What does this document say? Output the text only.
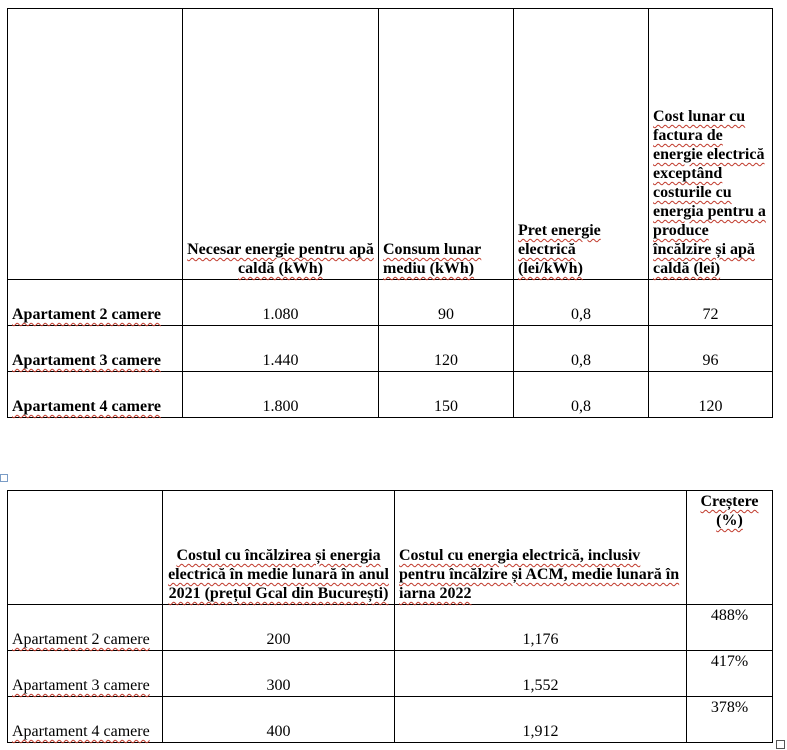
	Necesar energie pentru apă caldă (kWh)	Consum lunar mediu (kWh)	Pret energie electrică (lei/kWh)	Cost lunar cu factura de energie electrică exceptând costurile cu energia pentru a produce încălzire și apă caldă (lei)
Apartament 2 camere	1.080	90	0,8	72
Apartament 3 camere	1.440	120	0,8	96
Apartament 4 camere	1.800	150	0,8	120
	Costul cu încălzirea și energia electrică în medie lunară în anul 2021 (prețul Gcal din București)	Costul cu energia electrică, inclusiv pentru încălzire și ACM, medie lunară în iarna 2022	Creștere (%)
Apartament 2 camere	200	1,176	488%
Apartament 3 camere	300	1,552	417%
Apartament 4 camere	400	1,912	378%
